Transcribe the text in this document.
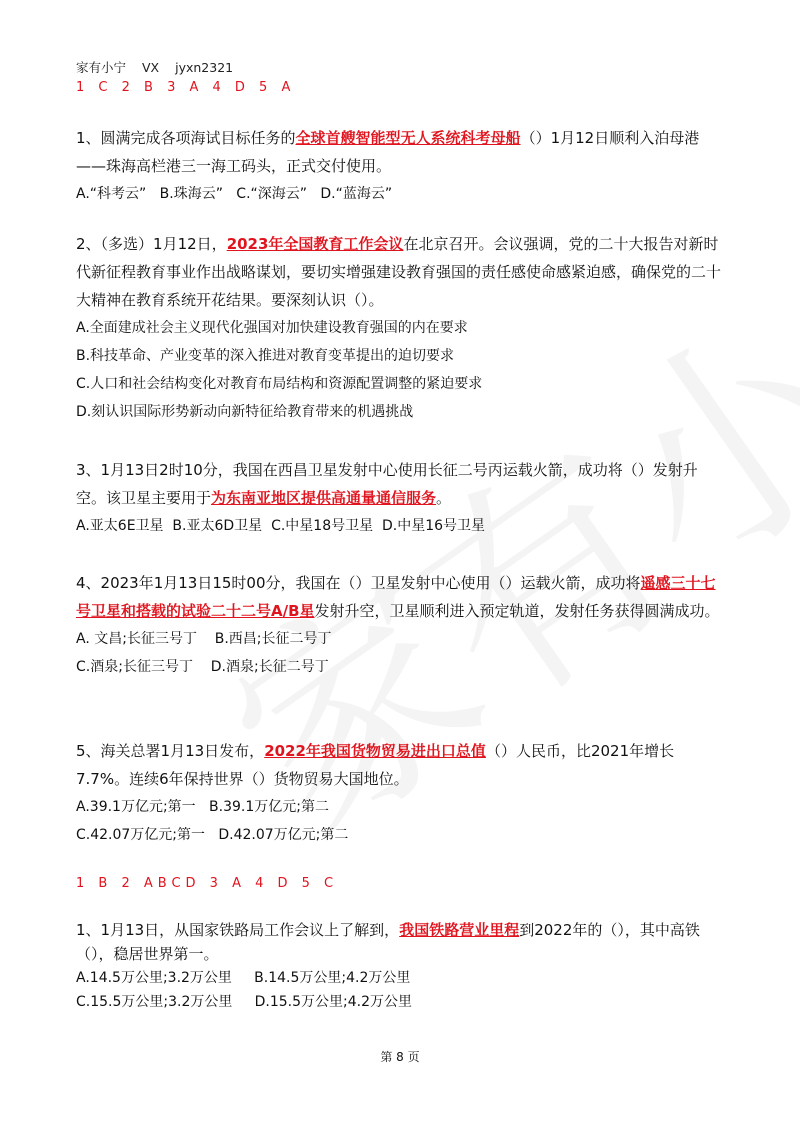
家有小宁 VX jyxn2321
1 C 2 B 3 A 4 D 5 A
1、圆满完成各项海试目标任务的全球首艘智能型无人系统科考母船（）1月12日顺利入泊母港——珠海高栏港三一海工码头，正式交付使用。
A.“科考云”   B.珠海云”   C.“深海云”   D.“蓝海云”
2、（多选）1月12日，2023年全国教育工作会议在北京召开。会议强调，党的二十大报告对新时代新征程教育事业作出战略谋划，要切实增强建设教育强国的责任感使命感紧迫感，确保党的二十大精神在教育系统开花结果。要深刻认识（）。
A.全面建成社会主义现代化强国对加快建设教育强国的内在要求
B.科技革命、产业变革的深入推进对教育变革提出的迫切要求
C.人口和社会结构变化对教育布局结构和资源配置调整的紧迫要求
D.刻认识国际形势新动向新特征给教育带来的机遇挑战
3、1月13日2时10分，我国在西昌卫星发射中心使用长征二号丙运载火箭，成功将（）发射升空。该卫星主要用于为东南亚地区提供高通量通信服务。
A.亚太6E卫星  B.亚太6D卫星  C.中星18号卫星  D.中星16号卫星
4、2023年1月13日15时00分，我国在（）卫星发射中心使用（）运载火箭，成功将遥感三十七号卫星和搭载的试验二十二号A/B星发射升空，卫星顺利进入预定轨道，发射任务获得圆满成功。
A. 文昌;长征三号丁    B.西昌;长征二号丁
C.酒泉;长征三号丁    D.酒泉;长征二号丁
5、海关总署1月13日发布，2022年我国货物贸易进出口总值（）人民币，比2021年增长7.7%。连续6年保持世界（）货物贸易大国地位。
A.39.1万亿元;第一   B.39.1万亿元;第二
C.42.07万亿元;第一   D.42.07万亿元;第二
1 B 2 ABCD 3 A 4 D 5 C
1、1月13日，从国家铁路局工作会议上了解到，我国铁路营业里程到2022年的（），其中高铁（），稳居世界第一。
A.14.5万公里;3.2万公里     B.14.5万公里;4.2万公里
C.15.5万公里;3.2万公里     D.15.5万公里;4.2万公里
第 8 页
